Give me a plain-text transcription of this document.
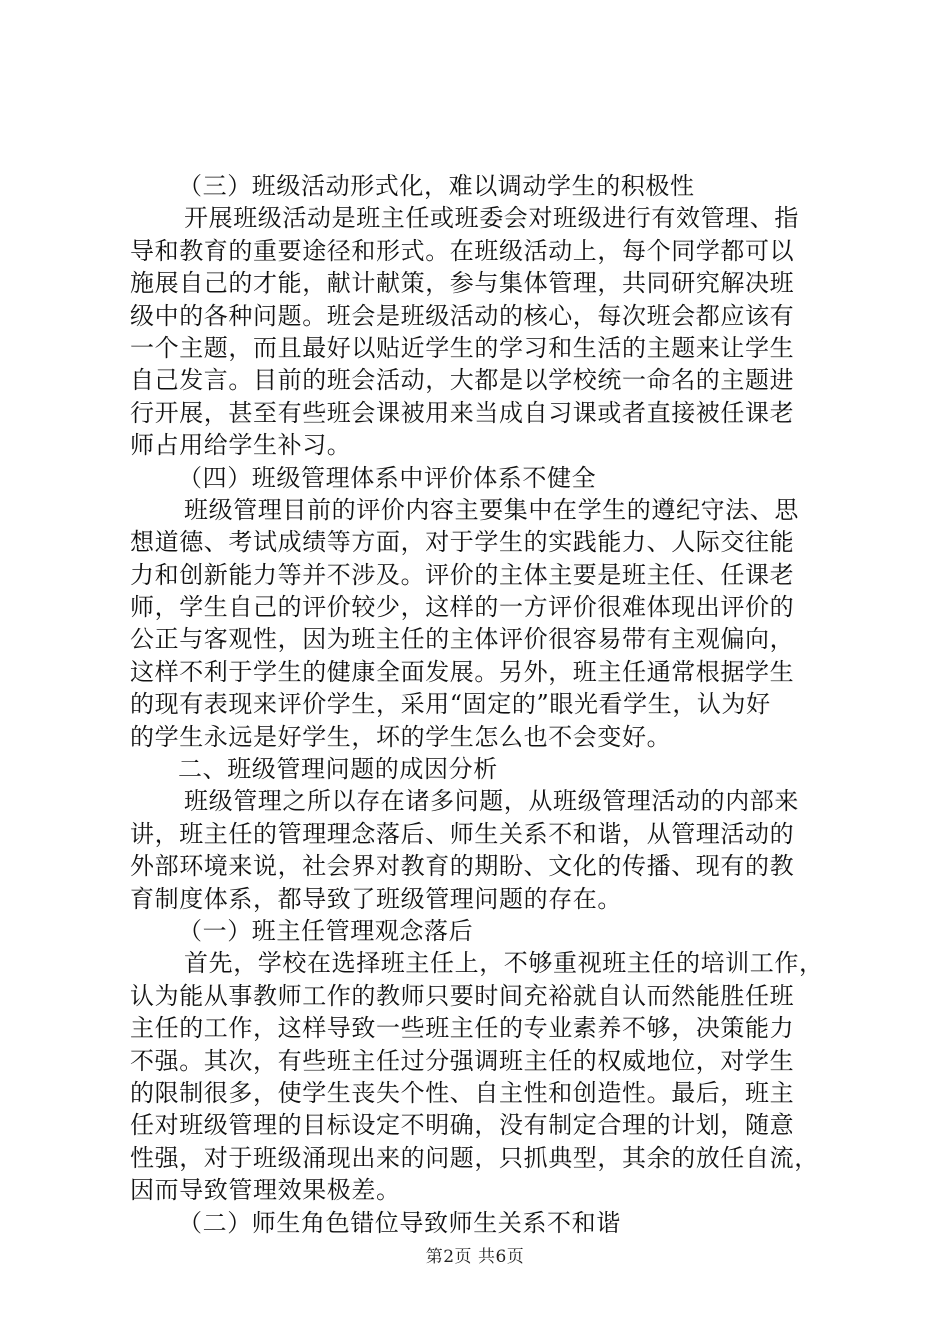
（三）班级活动形式化，难以调动学生的积极性
开展班级活动是班主任或班委会对班级进行有效管理、指
导和教育的重要途径和形式。在班级活动上，每个同学都可以
施展自己的才能，献计献策，参与集体管理，共同研究解决班
级中的各种问题。班会是班级活动的核心，每次班会都应该有
一个主题，而且最好以贴近学生的学习和生活的主题来让学生
自己发言。目前的班会活动，大都是以学校统一命名的主题进
行开展，甚至有些班会课被用来当成自习课或者直接被任课老
师占用给学生补习。
（四）班级管理体系中评价体系不健全
班级管理目前的评价内容主要集中在学生的遵纪守法、思
想道德、考试成绩等方面，对于学生的实践能力、人际交往能
力和创新能力等并不涉及。评价的主体主要是班主任、任课老
师，学生自己的评价较少，这样的一方评价很难体现出评价的
公正与客观性，因为班主任的主体评价很容易带有主观偏向，
这样不利于学生的健康全面发展。另外，班主任通常根据学生
的现有表现来评价学生，采用“固定的”眼光看学生，认为好
的学生永远是好学生，坏的学生怎么也不会变好。
二、班级管理问题的成因分析
班级管理之所以存在诸多问题，从班级管理活动的内部来
讲，班主任的管理理念落后、师生关系不和谐，从管理活动的
外部环境来说，社会界对教育的期盼、文化的传播、现有的教
育制度体系，都导致了班级管理问题的存在。
（一）班主任管理观念落后
首先，学校在选择班主任上，不够重视班主任的培训工作，
认为能从事教师工作的教师只要时间充裕就自认而然能胜任班
主任的工作，这样导致一些班主任的专业素养不够，决策能力
不强。其次，有些班主任过分强调班主任的权威地位，对学生
的限制很多，使学生丧失个性、自主性和创造性。最后，班主
任对班级管理的目标设定不明确，没有制定合理的计划，随意
性强，对于班级涌现出来的问题，只抓典型，其余的放任自流，
因而导致管理效果极差。
（二）师生角色错位导致师生关系不和谐
第2页 共6页
